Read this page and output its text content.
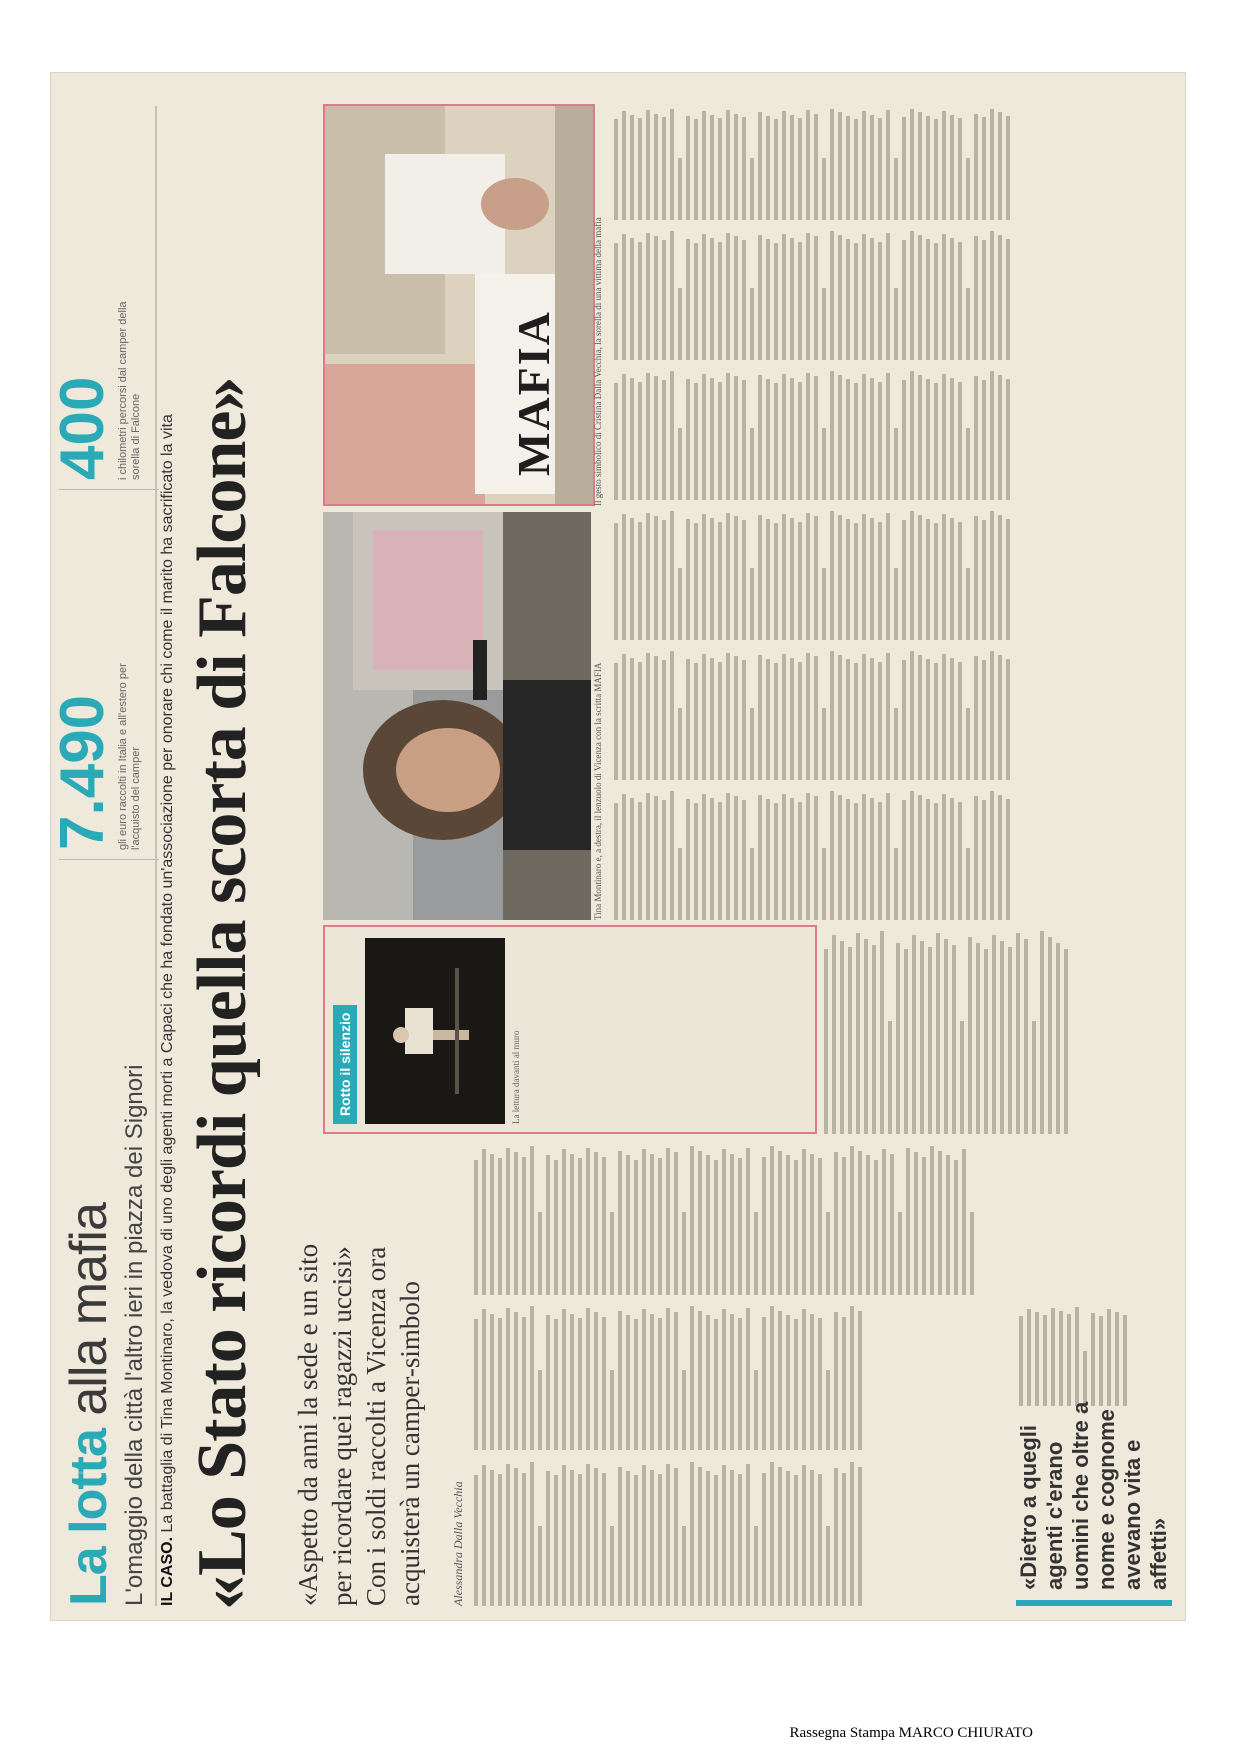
La lotta alla mafia L'omaggio della città l'altro ieri in piazza dei Signori
7.490 gli euro raccolti in Italia e all'estero per l'acquisto del camper
400 i chilometri percorsi dal camper della sorella di Falcone
IL CASO. La battaglia di Tina Montinaro, la vedova di uno degli agenti morti a Capaci che ha fondato un'associazione per onorare chi come il marito ha sacrificato la vita «Lo Stato ricordi quella scorta di Falcone» «Aspetto da anni la sede e un sito per ricordare quei ragazzi uccisi» Con i soldi raccolti a Vicenza ora acquisterà un camper-simbolo Alessandra Dalla Vecchia	«Dietro a quegli agenti c'erano uomini che oltre a nome e cognome avevano vita e affetti»
Rotto il silenzio	La lettura davanti al muro
Tina Montinaro e, a destra, il lenzuolo di Vicenza con la scritta MAFIA
MAFIA	Il gesto simbolico di Cristina Dalla Vecchia, la sorella di una vittima della mafia
Rassegna Stampa MARCO CHIURATO
